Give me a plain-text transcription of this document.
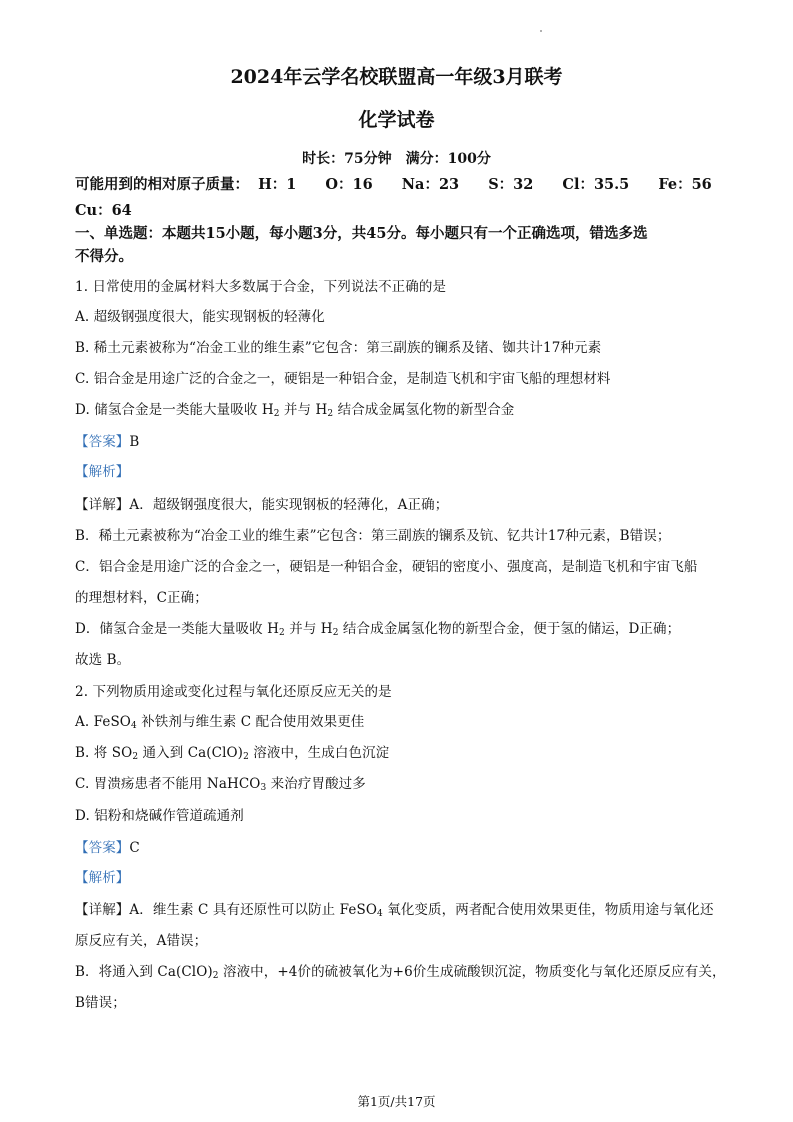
2024年云学名校联盟高一年级3月联考
化学试卷
时长：75分钟　满分：100分
可能用到的相对原子质量： H：1 O：16 Na：23 S：32 Cl：35.5 Fe：56
Cu：64
一、单选题：本题共15小题，每小题3分，共45分。每小题只有一个正确选项，错选多选
不得分。
1. 日常使用的金属材料大多数属于合金，下列说法不正确的是
A. 超级钢强度很大，能实现钢板的轻薄化
B. 稀土元素被称为“冶金工业的维生素”它包含：第三副族的镧系及锗、铷共计17种元素
C. 铝合金是用途广泛的合金之一，硬铝是一种铝合金，是制造飞机和宇宙飞船的理想材料
D. 储氢合金是一类能大量吸收 $H_2$ 并与 $H_2$ 结合成金属氢化物的新型合金
【答案】B
【解析】
【详解】A．超级钢强度很大，能实现钢板的轻薄化，A正确；
B．稀土元素被称为“冶金工业的维生素”它包含：第三副族的镧系及钪、钇共计17种元素，B错误；
C．铝合金是用途广泛的合金之一，硬铝是一种铝合金，硬铝的密度小、强度高，是制造飞机和宇宙飞船
的理想材料，C正确；
D．储氢合金是一类能大量吸收 $H_2$ 并与 $H_2$ 结合成金属氢化物的新型合金，便于氢的储运，D正确；
故选 B。
2. 下列物质用途或变化过程与氧化还原反应无关的是
A. FeSO$_4$ 补铁剂与维生素 C 配合使用效果更佳
B. 将 $SO_2$ 通入到 $Ca(ClO)_2$ 溶液中，生成白色沉淀
C. 胃溃疡患者不能用 NaHCO$_3$ 来治疗胃酸过多
D. 铝粉和烧碱作管道疏通剂
【答案】C
【解析】
【详解】A．维生素 C 具有还原性可以防止 FeSO$_4$ 氧化变质，两者配合使用效果更佳，物质用途与氧化还
原反应有关，A错误；
B．将通入到 $Ca(ClO)_2$ 溶液中，+4价的硫被氧化为+6价生成硫酸钡沉淀，物质变化与氧化还原反应有关，
B错误；
第1页/共17页
